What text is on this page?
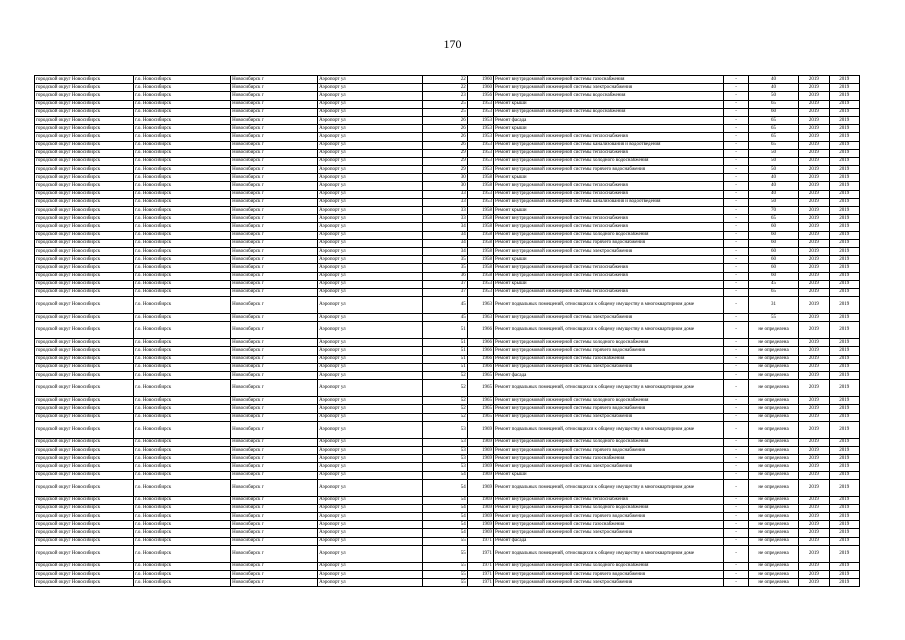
170
городской округ Новосибирск	г.о. Новосибирск	Новосибирск г	Аэропорт ул	22	1960	Ремонт внутридомовой инженерной системы газоснабжения	-	40	2019	2019
городской округ Новосибирск	г.о. Новосибирск	Новосибирск г	Аэропорт ул	22	1960	Ремонт внутридомовой инженерной системы электроснабжения	-	40	2019	2019
городской округ Новосибирск	г.о. Новосибирск	Новосибирск г	Аэропорт ул	23	1956	Ремонт внутридомовой инженерной системы водоснабжения	-	50	2019	2019
городской округ Новосибирск	г.о. Новосибирск	Новосибирск г	Аэропорт ул	25	1953	Ремонт крыши	-	65	2019	2019
городской округ Новосибирск	г.о. Новосибирск	Новосибирск г	Аэропорт ул	25	1953	Ремонт внутридомовой инженерной системы водоснабжения	-	60	2019	2019
городской округ Новосибирск	г.о. Новосибирск	Новосибирск г	Аэропорт ул	26	1953	Ремонт фасада	-	65	2019	2019
городской округ Новосибирск	г.о. Новосибирск	Новосибирск г	Аэропорт ул	26	1953	Ремонт крыши	-	65	2019	2019
городской округ Новосибирск	г.о. Новосибирск	Новосибирск г	Аэропорт ул	26	1953	Ремонт внутридомовой инженерной системы теплоснабжения	-	65	2019	2019
городской округ Новосибирск	г.о. Новосибирск	Новосибирск г	Аэропорт ул	26	1953	Ремонт внутридомовой инженерной системы канализования и водоотведения	-	65	2019	2019
городской округ Новосибирск	г.о. Новосибирск	Новосибирск г	Аэропорт ул	29	1953	Ремонт внутридомовой инженерной системы теплоснабжения	-	50	2019	2019
городской округ Новосибирск	г.о. Новосибирск	Новосибирск г	Аэропорт ул	29	1953	Ремонт внутридомовой инженерной системы холодного водоснабжения	-	50	2019	2019
городской округ Новосибирск	г.о. Новосибирск	Новосибирск г	Аэропорт ул	29	1953	Ремонт внутридомовой инженерной системы горячего водоснабжения	-	50	2019	2019
городской округ Новосибирск	г.о. Новосибирск	Новосибирск г	Аэропорт ул	30	1958	Ремонт крыши	-	40	2019	2019
городской округ Новосибирск	г.о. Новосибирск	Новосибирск г	Аэропорт ул	30	1958	Ремонт внутридомовой инженерной системы теплоснабжения	-	40	2019	2019
городской округ Новосибирск	г.о. Новосибирск	Новосибирск г	Аэропорт ул	33	1953	Ремонт внутридомовой инженерной системы теплоснабжения	-	40	2019	2019
городской округ Новосибирск	г.о. Новосибирск	Новосибирск г	Аэропорт ул	33	1953	Ремонт внутридомовой инженерной системы канализования и водоотведения	-	50	2019	2019
городской округ Новосибирск	г.о. Новосибирск	Новосибирск г	Аэропорт ул	33	1958	Ремонт крыши	-	70	2019	2019
городской округ Новосибирск	г.о. Новосибирск	Новосибирск г	Аэропорт ул	33	1958	Ремонт внутридомовой инженерной системы теплоснабжения	-	65	2019	2019
городской округ Новосибирск	г.о. Новосибирск	Новосибирск г	Аэропорт ул	34	1958	Ремонт внутридомовой инженерной системы теплоснабжения	-	60	2019	2019
городской округ Новосибирск	г.о. Новосибирск	Новосибирск г	Аэропорт ул	34	1958	Ремонт внутридомовой инженерной системы холодного водоснабжения	-	60	2019	2019
городской округ Новосибирск	г.о. Новосибирск	Новосибирск г	Аэропорт ул	34	1958	Ремонт внутридомовой инженерной системы горячего водоснабжения	-	60	2019	2019
городской округ Новосибирск	г.о. Новосибирск	Новосибирск г	Аэропорт ул	34	1958	Ремонт внутридомовой инженерной системы электроснабжения	-	60	2019	2019
городской округ Новосибирск	г.о. Новосибирск	Новосибирск г	Аэропорт ул	35	1958	Ремонт крыши	-	60	2019	2019
городской округ Новосибирск	г.о. Новосибирск	Новосибирск г	Аэропорт ул	35	1958	Ремонт внутридомовой инженерной системы теплоснабжения	-	60	2019	2019
городской округ Новосибирск	г.о. Новосибирск	Новосибирск г	Аэропорт ул	36	1958	Ремонт внутридомовой инженерной системы теплоснабжения	-	60	2019	2019
городской округ Новосибирск	г.о. Новосибирск	Новосибирск г	Аэропорт ул	37	1953	Ремонт крыши	-	45	2019	2019
городской округ Новосибирск	г.о. Новосибирск	Новосибирск г	Аэропорт ул	37	1953	Ремонт внутридомовой инженерной системы теплоснабжения	-	65	2019	2019
городской округ Новосибирск	г.о. Новосибирск	Новосибирск г	Аэропорт ул	45	1963	Ремонт подвальных помещений, относящихся к общему имуществу в многоквартирном доме	-	31	2019	2019
городской округ Новосибирск	г.о. Новосибирск	Новосибирск г	Аэропорт ул	45	1963	Ремонт внутридомовой инженерной системы электроснабжения	-	55	2019	2019
городской округ Новосибирск	г.о. Новосибирск	Новосибирск г	Аэропорт ул	51	1966	Ремонт подвальных помещений, относящихся к общему имуществу в многоквартирном доме	-	не определена	2019	2019
городской округ Новосибирск	г.о. Новосибирск	Новосибирск г	Аэропорт ул	51	1966	Ремонт внутридомовой инженерной системы холодного водоснабжения	-	не определена	2019	2019
городской округ Новосибирск	г.о. Новосибирск	Новосибирск г	Аэропорт ул	51	1966	Ремонт внутридомовой инженерной системы горячего водоснабжения	-	не определена	2019	2019
городской округ Новосибирск	г.о. Новосибирск	Новосибирск г	Аэропорт ул	51	1966	Ремонт внутридомовой инженерной системы газоснабжения	-	не определена	2019	2019
городской округ Новосибирск	г.о. Новосибирск	Новосибирск г	Аэропорт ул	51	1966	Ремонт внутридомовой инженерной системы электроснабжения	-	не определена	2019	2019
городской округ Новосибирск	г.о. Новосибирск	Новосибирск г	Аэропорт ул	52	1965	Ремонт фасада	-	не определена	2019	2019
городской округ Новосибирск	г.о. Новосибирск	Новосибирск г	Аэропорт ул	52	1965	Ремонт подвальных помещений, относящихся к общему имуществу в многоквартирном доме	-	не определена	2019	2019
городской округ Новосибирск	г.о. Новосибирск	Новосибирск г	Аэропорт ул	52	1965	Ремонт внутридомовой инженерной системы холодного водоснабжения	-	не определена	2019	2019
городской округ Новосибирск	г.о. Новосибирск	Новосибирск г	Аэропорт ул	52	1965	Ремонт внутридомовой инженерной системы горячего водоснабжения	-	не определена	2019	2019
городской округ Новосибирск	г.о. Новосибирск	Новосибирск г	Аэропорт ул	52	1965	Ремонт внутридомовой инженерной системы электроснабжения	-	не определена	2019	2019
городской округ Новосибирск	г.о. Новосибирск	Новосибирск г	Аэропорт ул	53	1969	Ремонт подвальных помещений, относящихся к общему имуществу в многоквартирном доме	-	не определена	2019	2019
городской округ Новосибирск	г.о. Новосибирск	Новосибирск г	Аэропорт ул	53	1969	Ремонт внутридомовой инженерной системы холодного водоснабжения	-	не определена	2019	2019
городской округ Новосибирск	г.о. Новосибирск	Новосибирск г	Аэропорт ул	53	1969	Ремонт внутридомовой инженерной системы горячего водоснабжения	-	не определена	2019	2019
городской округ Новосибирск	г.о. Новосибирск	Новосибирск г	Аэропорт ул	53	1969	Ремонт внутридомовой инженерной системы газоснабжения	-	не определена	2019	2019
городской округ Новосибирск	г.о. Новосибирск	Новосибирск г	Аэропорт ул	53	1969	Ремонт внутридомовой инженерной системы электроснабжения	-	не определена	2019	2019
городской округ Новосибирск	г.о. Новосибирск	Новосибирск г	Аэропорт ул	54	1969	Ремонт крыши	-	не определена	2019	2019
городской округ Новосибирск	г.о. Новосибирск	Новосибирск г	Аэропорт ул	54	1969	Ремонт подвальных помещений, относящихся к общему имуществу в многоквартирном доме	-	не определена	2019	2019
городской округ Новосибирск	г.о. Новосибирск	Новосибирск г	Аэропорт ул	54	1969	Ремонт внутридомовой инженерной системы теплоснабжения	-	не определена	2019	2019
городской округ Новосибирск	г.о. Новосибирск	Новосибирск г	Аэропорт ул	54	1969	Ремонт внутридомовой инженерной системы холодного водоснабжения	-	не определена	2019	2019
городской округ Новосибирск	г.о. Новосибирск	Новосибирск г	Аэропорт ул	54	1969	Ремонт внутридомовой инженерной системы горячего водоснабжения	-	не определена	2019	2019
городской округ Новосибирск	г.о. Новосибирск	Новосибирск г	Аэропорт ул	54	1969	Ремонт внутридомовой инженерной системы газоснабжения	-	не определена	2019	2019
городской округ Новосибирск	г.о. Новосибирск	Новосибирск г	Аэропорт ул	54	1969	Ремонт внутридомовой инженерной системы электроснабжения	-	не определена	2019	2019
городской округ Новосибирск	г.о. Новосибирск	Новосибирск г	Аэропорт ул	55	1971	Ремонт фасада	-	не определена	2019	2019
городской округ Новосибирск	г.о. Новосибирск	Новосибирск г	Аэропорт ул	55	1971	Ремонт подвальных помещений, относящихся к общему имуществу в многоквартирном доме	-	не определена	2019	2019
городской округ Новосибирск	г.о. Новосибирск	Новосибирск г	Аэропорт ул	55	1971	Ремонт внутридомовой инженерной системы холодного водоснабжения	-	не определена	2019	2019
городской округ Новосибирск	г.о. Новосибирск	Новосибирск г	Аэропорт ул	55	1971	Ремонт внутридомовой инженерной системы горячего водоснабжения	-	не определена	2019	2019
городской округ Новосибирск	г.о. Новосибирск	Новосибирск г	Аэропорт ул	55	1971	Ремонт внутридомовой инженерной системы электроснабжения	-	не определена	2019	2019
